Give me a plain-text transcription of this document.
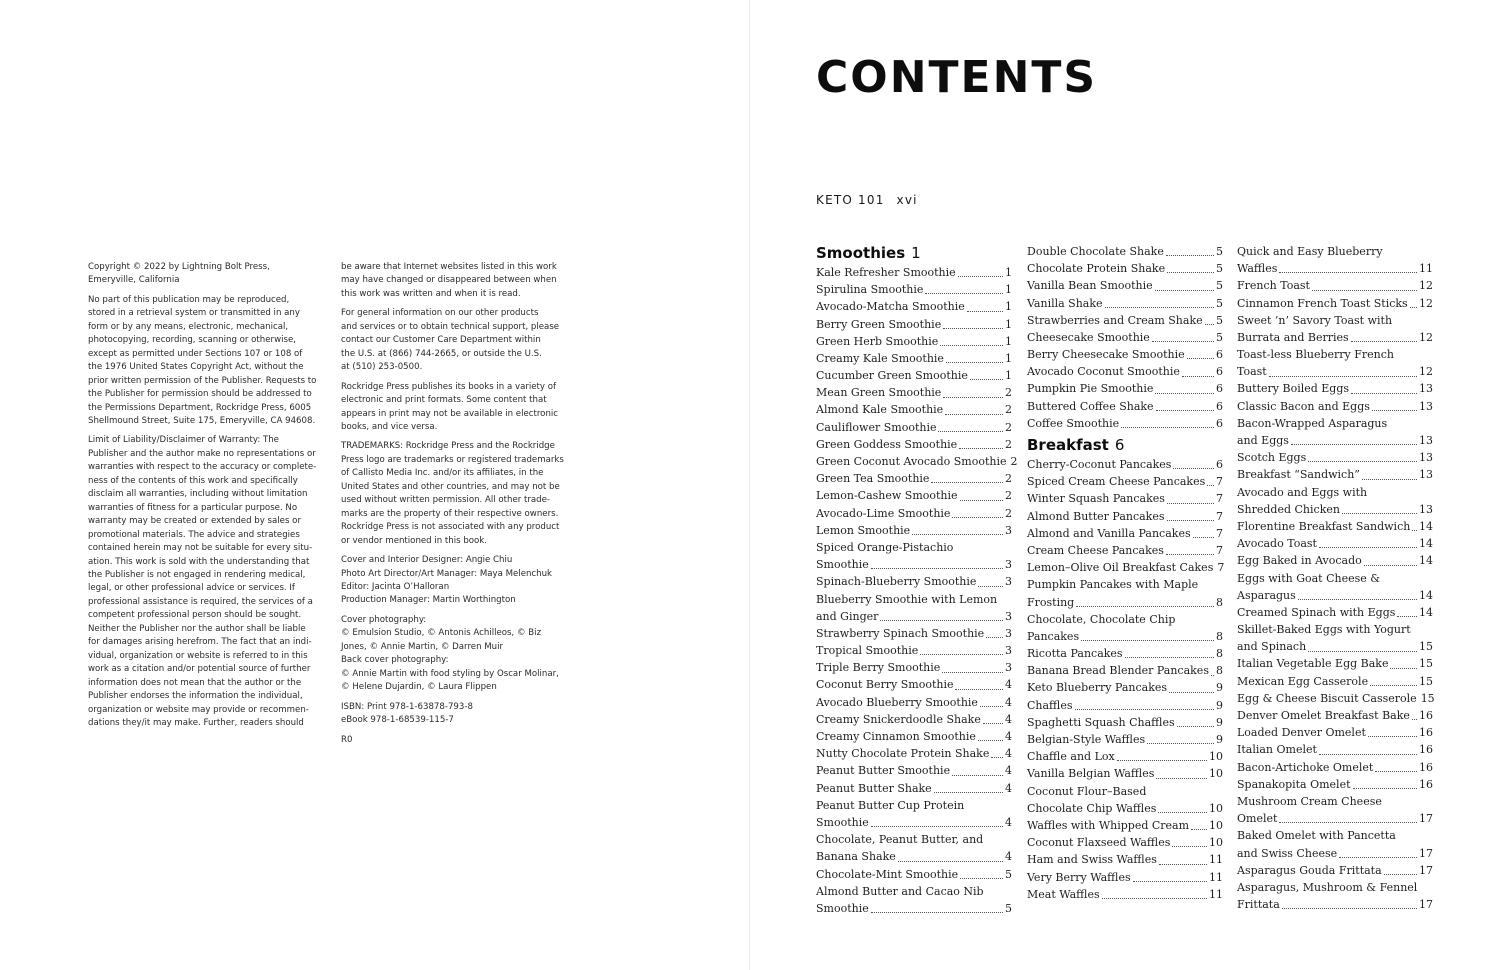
Copyright © 2022 by Lightning Bolt Press,
Emeryville, California

No part of this publication may be reproduced,
stored in a retrieval system or transmitted in any
form or by any means, electronic, mechanical,
photocopying, recording, scanning or otherwise,
except as permitted under Sections 107 or 108 of
the 1976 United States Copyright Act, without the
prior written permission of the Publisher. Requests to
the Publisher for permission should be addressed to
the Permissions Department, Rockridge Press, 6005
Shellmound Street, Suite 175, Emeryville, CA 94608.

Limit of Liability/Disclaimer of Warranty: The
Publisher and the author make no representations or
warranties with respect to the accuracy or complete-
ness of the contents of this work and specifically
disclaim all warranties, including without limitation
warranties of fitness for a particular purpose. No
warranty may be created or extended by sales or
promotional materials. The advice and strategies
contained herein may not be suitable for every situ-
ation. This work is sold with the understanding that
the Publisher is not engaged in rendering medical,
legal, or other professional advice or services. If
professional assistance is required, the services of a
competent professional person should be sought.
Neither the Publisher nor the author shall be liable
for damages arising herefrom. The fact that an indi-
vidual, organization or website is referred to in this
work as a citation and/or potential source of further
information does not mean that the author or the
Publisher endorses the information the individual,
organization or website may provide or recommen-
dations they/it may make. Further, readers should

be aware that Internet websites listed in this work
may have changed or disappeared between when
this work was written and when it is read.

For general information on our other products
and services or to obtain technical support, please
contact our Customer Care Department within
the U.S. at (866) 744-2665, or outside the U.S.
at (510) 253-0500.

Rockridge Press publishes its books in a variety of
electronic and print formats. Some content that
appears in print may not be available in electronic
books, and vice versa.

TRADEMARKS: Rockridge Press and the Rockridge
Press logo are trademarks or registered trademarks
of Callisto Media Inc. and/or its affiliates, in the
United States and other countries, and may not be
used without written permission. All other trade-
marks are the property of their respective owners.
Rockridge Press is not associated with any product
or vendor mentioned in this book.

Cover and Interior Designer: Angie Chiu
Photo Art Director/Art Manager: Maya Melenchuk
Editor: Jacinta O’Halloran
Production Manager: Martin Worthington

Cover photography:
© Emulsion Studio, © Antonis Achilleos, © Biz
Jones, © Annie Martin, © Darren Muir
Back cover photography:
© Annie Martin with food styling by Oscar Molinar,
© Helene Dujardin, © Laura Flippen

ISBN: Print 978-1-63878-793-8
eBook 978-1-68539-115-7

R0

CONTENTS
KETO 101 xvi
Smoothies 1
Kale Refresher Smoothie	1
Spirulina Smoothie	1
Avocado-Matcha Smoothie	1
Berry Green Smoothie	1
Green Herb Smoothie	1
Creamy Kale Smoothie	1
Cucumber Green Smoothie	1
Mean Green Smoothie	2
Almond Kale Smoothie	2
Cauliflower Smoothie	2
Green Goddess Smoothie	2
Green Coconut Avocado Smoothie 2
Green Tea Smoothie	2
Lemon-Cashew Smoothie	2
Avocado-Lime Smoothie	2
Lemon Smoothie	3
Spiced Orange-Pistachio
Smoothie	3
Spinach-Blueberry Smoothie	3
Blueberry Smoothie with Lemon
and Ginger	3
Strawberry Spinach Smoothie 3
Tropical Smoothie	3
Triple Berry Smoothie	3
Coconut Berry Smoothie	4
Avocado Blueberry Smoothie 4
Creamy Snickerdoodle Shake 4
Creamy Cinnamon Smoothie	4
Nutty Chocolate Protein Shake 4
Peanut Butter Smoothie	4
Peanut Butter Shake	4
Peanut Butter Cup Protein
Smoothie	4
Chocolate, Peanut Butter, and
Banana Shake	4
Chocolate-Mint Smoothie	5
Almond Butter and Cacao Nib
Smoothie	5
Double Chocolate Shake	5
Chocolate Protein Shake	5
Vanilla Bean Smoothie	5
Vanilla Shake	5
Strawberries and Cream Shake 5
Cheesecake Smoothie	5
Berry Cheesecake Smoothie	6
Avocado Coconut Smoothie	6
Pumpkin Pie Smoothie	6
Buttered Coffee Shake	6
Coffee Smoothie	6
Breakfast 6
Cherry-Coconut Pancakes	6
Spiced Cream Cheese Pancakes 7
Winter Squash Pancakes	7
Almond Butter Pancakes	7
Almond and Vanilla Pancakes 7
Cream Cheese Pancakes	7
Lemon–Olive Oil Breakfast Cakes 7
Pumpkin Pancakes with Maple
Frosting	8
Chocolate, Chocolate Chip
Pancakes	8
Ricotta Pancakes	8
Banana Bread Blender Pancakes 8
Keto Blueberry Pancakes	9
Chaffles	9
Spaghetti Squash Chaffles	9
Belgian-Style Waffles	9
Chaffle and Lox	10
Vanilla Belgian Waffles	10
Coconut Flour–Based
Chocolate Chip Waffles	10
Waffles with Whipped Cream 10
Coconut Flaxseed Waffles	10
Ham and Swiss Waffles	11
Very Berry Waffles	11
Meat Waffles	11
Quick and Easy Blueberry
Waffles	11
French Toast	12
Cinnamon French Toast Sticks 12
Sweet ’n’ Savory Toast with
Burrata and Berries	12
Toast-less Blueberry French
Toast	12
Buttery Boiled Eggs	13
Classic Bacon and Eggs	13
Bacon-Wrapped Asparagus
and Eggs	13
Scotch Eggs	13
Breakfast “Sandwich”	13
Avocado and Eggs with
Shredded Chicken	13
Florentine Breakfast Sandwich 14
Avocado Toast	14
Egg Baked in Avocado	14
Eggs with Goat Cheese &
Asparagus	14
Creamed Spinach with Eggs 14
Skillet-Baked Eggs with Yogurt
and Spinach	15
Italian Vegetable Egg Bake	15
Mexican Egg Casserole	15
Egg & Cheese Biscuit Casserole 15
Denver Omelet Breakfast Bake 16
Loaded Denver Omelet	16
Italian Omelet	16
Bacon-Artichoke Omelet	16
Spanakopita Omelet	16
Mushroom Cream Cheese
Omelet	17
Baked Omelet with Pancetta
and Swiss Cheese	17
Asparagus Gouda Frittata	17
Asparagus, Mushroom & Fennel
Frittata	17
